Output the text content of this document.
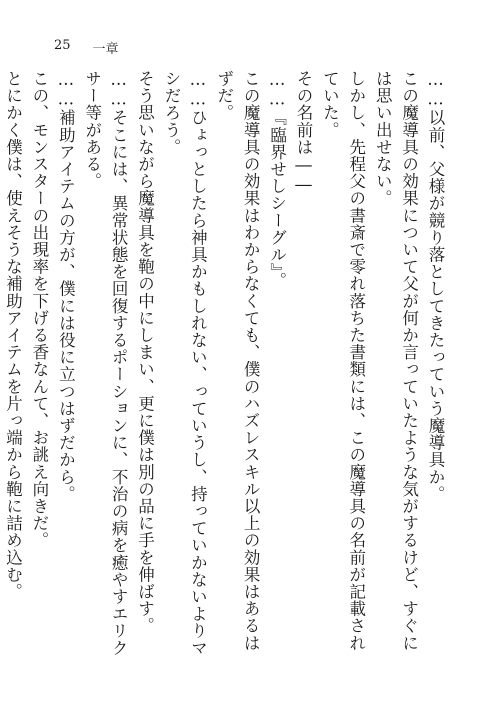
25 一章

……以前、父様が競り落としてきたっていう魔導具か。

この魔導具の効果について父が何か言っていたような気がするけど、すぐには思い出せない。

しかし、先程父の書斎で零れ落ちた書類には、この魔導具の名前が記載されていた。

その名前は――

……『臨界せしシーグル』。

この魔導具の効果はわからなくても、僕のハズレスキル以上の効果はあるはずだ。

……ひょっとしたら神具かもしれない、っていうし、持っていかないよりマシだろう。

そう思いながら魔導具を鞄の中にしまい、更に僕は別の品に手を伸ばす。

……そこには、異常状態を回復するポーションに、不治の病を癒やすエリクサー等がある。

……補助アイテムの方が、僕には役に立つはずだから。

この、モンスターの出現率を下げる香なんて、お誂え向きだ。

とにかく僕は、使えそうな補助アイテムを片っ端から鞄に詰め込む。
